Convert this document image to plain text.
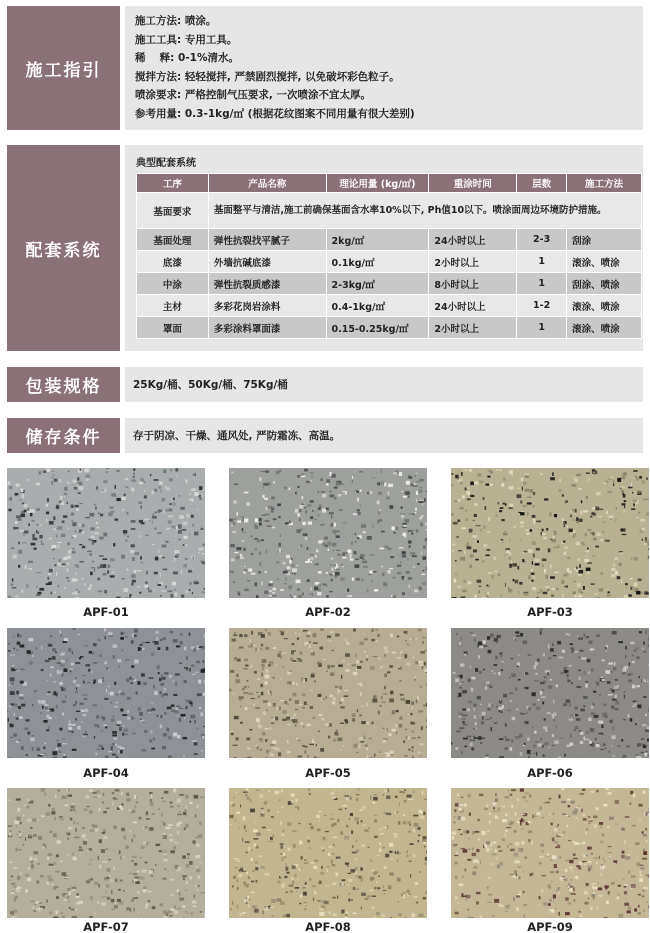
施工指引
施工方法: 喷涂。
施工工具: 专用工具。
稀　 释: 0-1%清水。
搅拌方法: 轻轻搅拌, 严禁剧烈搅拌, 以免破坏彩色粒子。
喷涂要求: 严格控制气压要求, 一次喷涂不宜太厚。
参考用量: 0.3-1kg/㎡ (根据花纹图案不同用量有很大差别)
配套系统
典型配套系统
工序	产品名称	理论用量 (kg/㎡)	重涂时间	层数	施工方法
基面要求	基面整平与清洁,施工前确保基面含水率10%以下, Ph值10以下。喷涂面周边环境防护措施。				
基面处理	弹性抗裂找平腻子	2kg/㎡	24小时以上	2-3	刮涂
底漆	外墙抗碱底漆	0.1kg/㎡	2小时以上	1	滚涂、喷涂
中涂	弹性抗裂质感漆	2-3kg/㎡	8小时以上	1	刮涂、喷涂
主材	多彩花岗岩涂料	0.4-1kg/㎡	24小时以上	1-2	滚涂、喷涂
罩面	多彩涂料罩面漆	0.15-0.25kg/㎡	2小时以上	1	滚涂、喷涂
包装规格	25Kg/桶、50Kg/桶、75Kg/桶
储存条件	存于阴凉、干燥、通风处, 严防霜冻、高温。
APF-01	APF-02	APF-03
APF-04	APF-05	APF-06
APF-07	APF-08	APF-09
